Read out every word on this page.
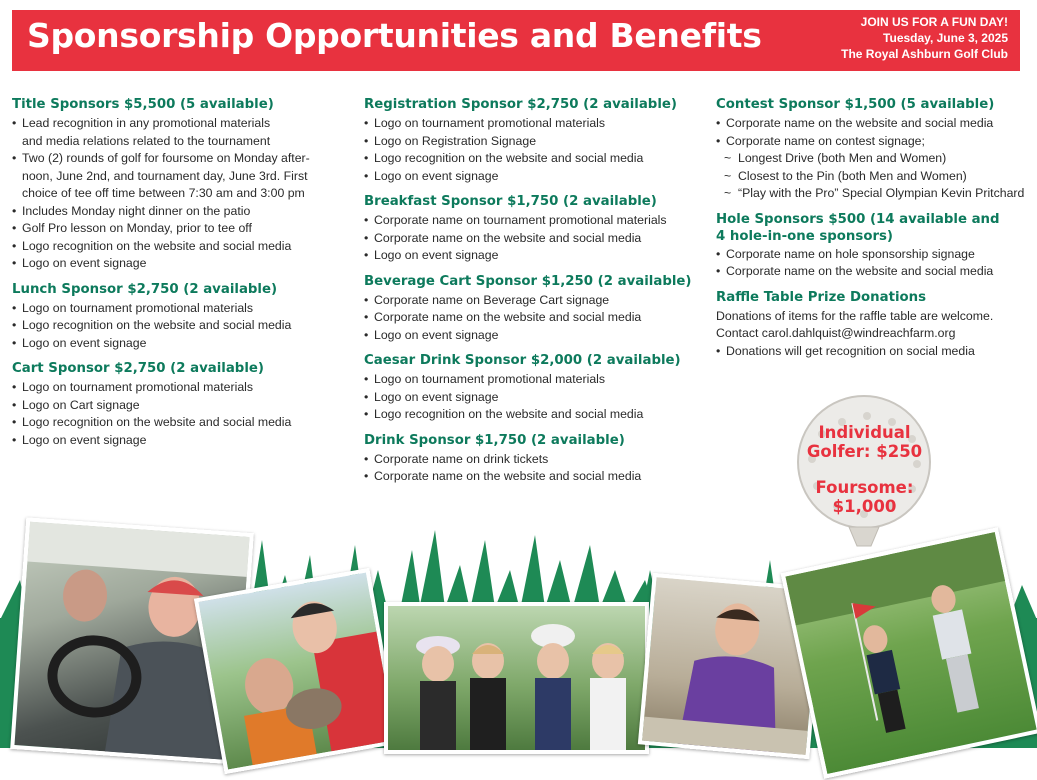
Sponsorship Opportunities and Benefits	JOIN US FOR A FUN DAY!
Tuesday, June 3, 2025
The Royal Ashburn Golf Club
Title Sponsors $5,500 (5 available)
• Lead recognition in any promotional materials
and media relations related to the tournament
• Two (2) rounds of golf for foursome on Monday after-
noon, June 2nd, and tournament day, June 3rd. First
choice of tee off time between 7:30 am and 3:00 pm
• Includes Monday night dinner on the patio
• Golf Pro lesson on Monday, prior to tee off
• Logo recognition on the website and social media
• Logo on event signage
Lunch Sponsor $2,750 (2 available)
• Logo on tournament promotional materials
• Logo recognition on the website and social media
• Logo on event signage
Cart Sponsor $2,750 (2 available)
• Logo on tournament promotional materials
• Logo on Cart signage
• Logo recognition on the website and social media
• Logo on event signage
Registration Sponsor $2,750 (2 available)
• Logo on tournament promotional materials
• Logo on Registration Signage
• Logo recognition on the website and social media
• Logo on event signage
Breakfast Sponsor $1,750 (2 available)
• Corporate name on tournament promotional materials
• Corporate name on the website and social media
• Logo on event signage
Beverage Cart Sponsor $1,250 (2 available)
• Corporate name on Beverage Cart signage
• Corporate name on the website and social media
• Logo on event signage
Caesar Drink Sponsor $2,000 (2 available)
• Logo on tournament promotional materials
• Logo on event signage
• Logo recognition on the website and social media
Drink Sponsor $1,750 (2 available)
• Corporate name on drink tickets
• Corporate name on the website and social media
Contest Sponsor $1,500 (5 available)
• Corporate name on the website and social media
• Corporate name on contest signage;
~ Longest Drive (both Men and Women)
~ Closest to the Pin (both Men and Women)
~ “Play with the Pro” Special Olympian Kevin Pritchard
Hole Sponsors $500 (14 available and
4 hole-in-one sponsors)
• Corporate name on hole sponsorship signage
• Corporate name on the website and social media
Raffle Table Prize Donations
Donations of items for the raffle table are welcome.
Contact carol.dahlquist@windreachfarm.org
• Donations will get recognition on social media
Individual
Golfer: $250
Foursome:
$1,000
